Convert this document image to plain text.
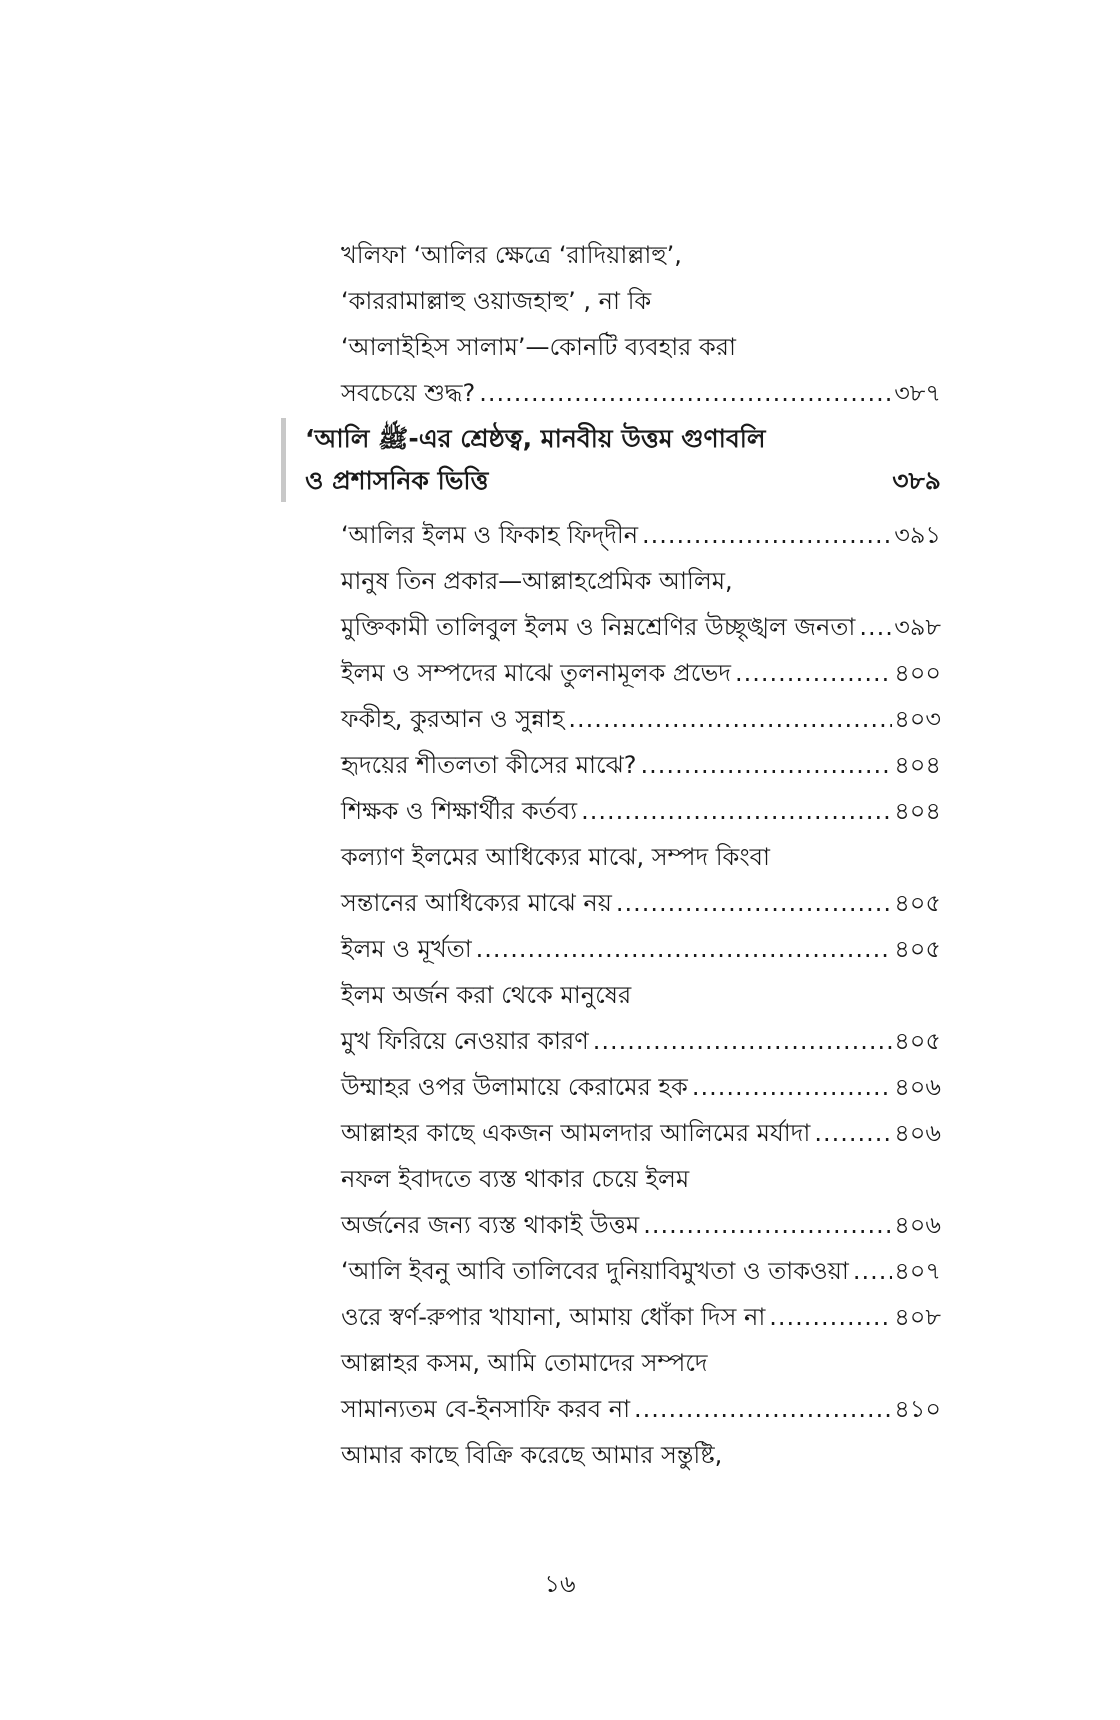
খলিফা ‘আলির ক্ষেত্রে ‘রাদিয়াল্লাহু’,
‘কাররামাল্লাহু ওয়াজহাহু’ , না কি
‘আলাইহিস সালাম’—কোনটি ব্যবহার করা
সবচেয়ে শুদ্ধ? .....	৩৮৭
‘আলি ﷺ-এর শ্রেষ্ঠত্ব, মানবীয় উত্তম গুণাবলি
ও প্রশাসনিক ভিত্তি	৩৮৯
‘আলির ইলম ও ফিকাহ ফিদ্‌দীন .....	৩৯১
মানুষ তিন প্রকার—আল্লাহপ্রেমিক আলিম,
মুক্তিকামী তালিবুল ইলম ও নিম্নশ্রেণির উচ্ছৃঙ্খল জনতা ..... ৩৯৮
ইলম ও সম্পদের মাঝে তুলনামূলক প্রভেদ .....	৪০০
ফকীহ, কুরআন ও সুন্নাহ .....	৪০৩
হৃদয়ের শীতলতা কীসের মাঝে? .....	৪০৪
শিক্ষক ও শিক্ষার্থীর কর্তব্য .....	৪০৪
কল্যাণ ইলমের আধিক্যের মাঝে, সম্পদ কিংবা
সন্তানের আধিক্যের মাঝে নয় .....	৪০৫
ইলম ও মূর্খতা .....	৪০৫
ইলম অর্জন করা থেকে মানুষের
মুখ ফিরিয়ে নেওয়ার কারণ .....	৪০৫
উম্মাহর ওপর উলামায়ে কেরামের হক .....	৪০৬
আল্লাহর কাছে একজন আমলদার আলিমের মর্যাদা .....	৪০৬
নফল ইবাদতে ব্যস্ত থাকার চেয়ে ইলম
অর্জনের জন্য ব্যস্ত থাকাই উত্তম .....	৪০৬
‘আলি ইবনু আবি তালিবের দুনিয়াবিমুখতা ও তাকওয়া ..... ৪০৭
ওরে স্বর্ণ-রুপার খাযানা, আমায় ধোঁকা দিস না .....	৪০৮
আল্লাহর কসম, আমি তোমাদের সম্পদে
সামান্যতম বে-ইনসাফি করব না .....	৪১০
আমার কাছে বিক্রি করেছে আমার সন্তুষ্টি,
১৬
